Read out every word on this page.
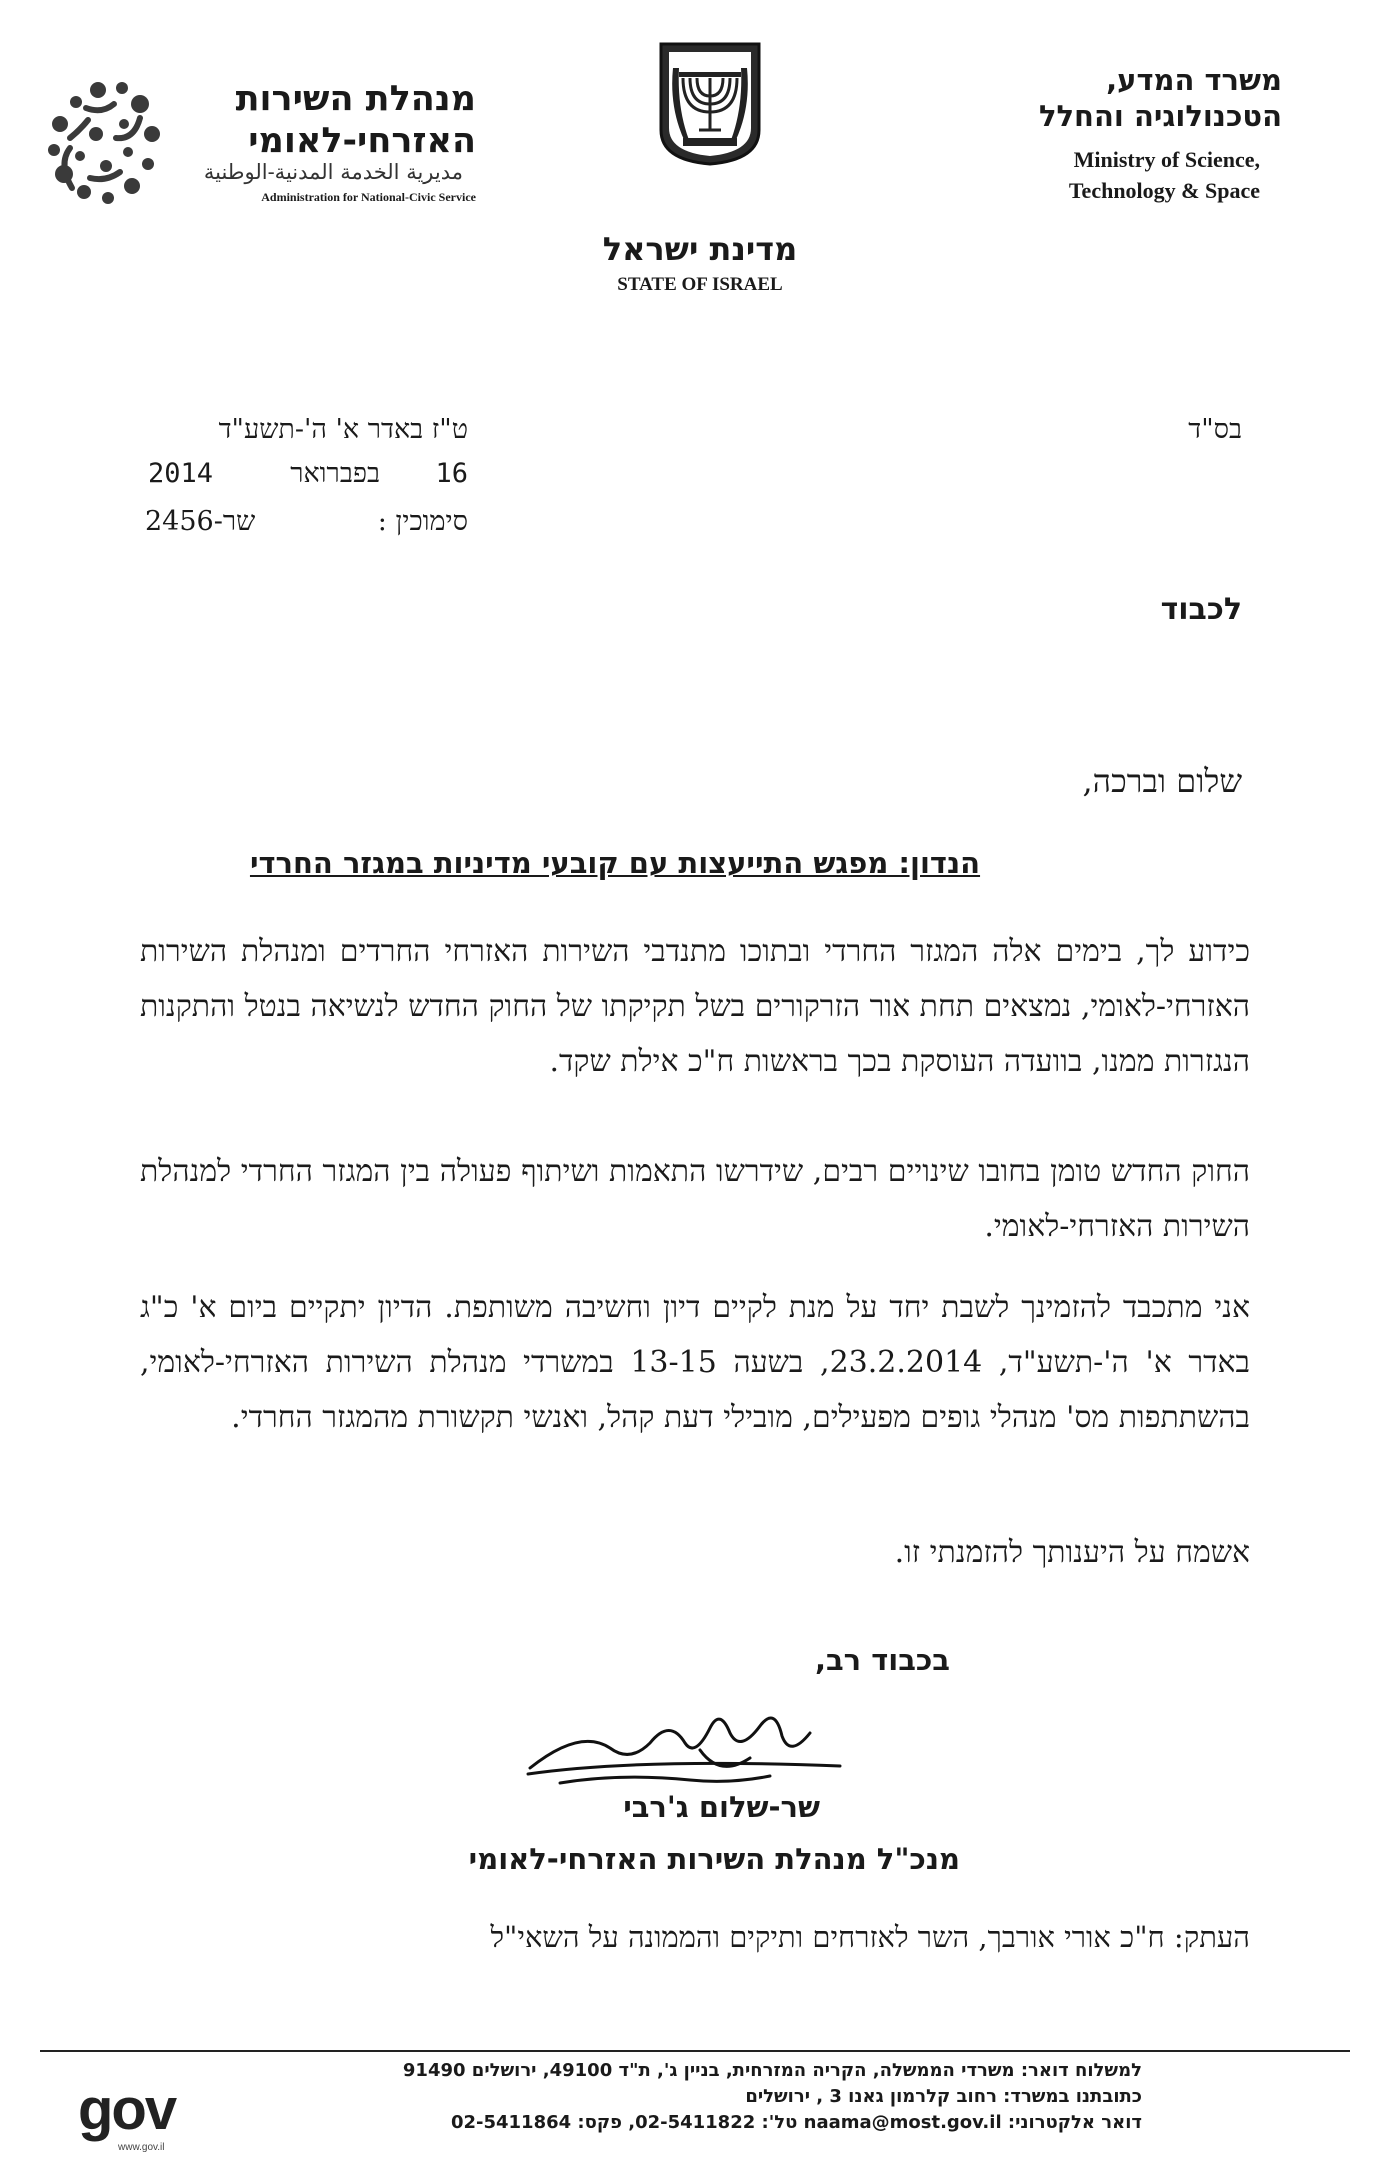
משרד המדע,
הטכנולוגיה והחלל
Ministry of Science,
Technology & Space
מדינת ישראל
STATE OF ISRAEL
מנהלת השירות
האזרחי-לאומי
مديرية الخدمة المدنية-الوطنية
Administration for National-Civic Service
בס"ד
ט"ז באדר א' ה'-תשע"ד
16
בפברואר
2014
סימוכין :
שר-2456
לכבוד
שלום וברכה,
הנדון: מפגש התייעצות עם קובעי מדיניות במגזר החרדי
כידוע לך, בימים אלה המגזר החרדי ובתוכו מתנדבי השירות האזרחי החרדים ומנהלת השירות האזרחי-לאומי, נמצאים תחת אור הזרקורים בשל תקיקתו של החוק החדש לנשיאה בנטל והתקנות הנגזרות ממנו, בוועדה העוסקת בכך בראשות ח"כ אילת שקד.
החוק החדש טומן בחובו שינויים רבים, שידרשו התאמות ושיתוף פעולה בין המגזר החרדי למנהלת השירות האזרחי-לאומי.
אני מתכבד להזמינך לשבת יחד על מנת לקיים דיון וחשיבה משותפת. הדיון יתקיים ביום א' כ"ג באדר א' ה'-תשע"ד, 23.2.2014, בשעה 13-15 במשרדי מנהלת השירות האזרחי-לאומי, בהשתתפות מס' מנהלי גופים מפעילים, מובילי דעת קהל, ואנשי תקשורת מהמגזר החרדי.
אשמח על היענותך להזמנתי זו.
בכבוד רב,
שר-שלום ג'רבי
מנכ"ל מנהלת השירות האזרחי-לאומי
העתק: ח"כ אורי אורבך, השר לאזרחים ותיקים והממונה על השאי"ל
למשלוח דואר: משרדי הממשלה, הקריה המזרחית, בניין ג', ת"ד 49100, ירושלים 91490
כתובתנו במשרד: רחוב קלרמון גאנו 3 , ירושלים
דואר אלקטרוני: naama@most.gov.il טל': 02-5411822, פקס: 02-5411864
gov
www.gov.il
